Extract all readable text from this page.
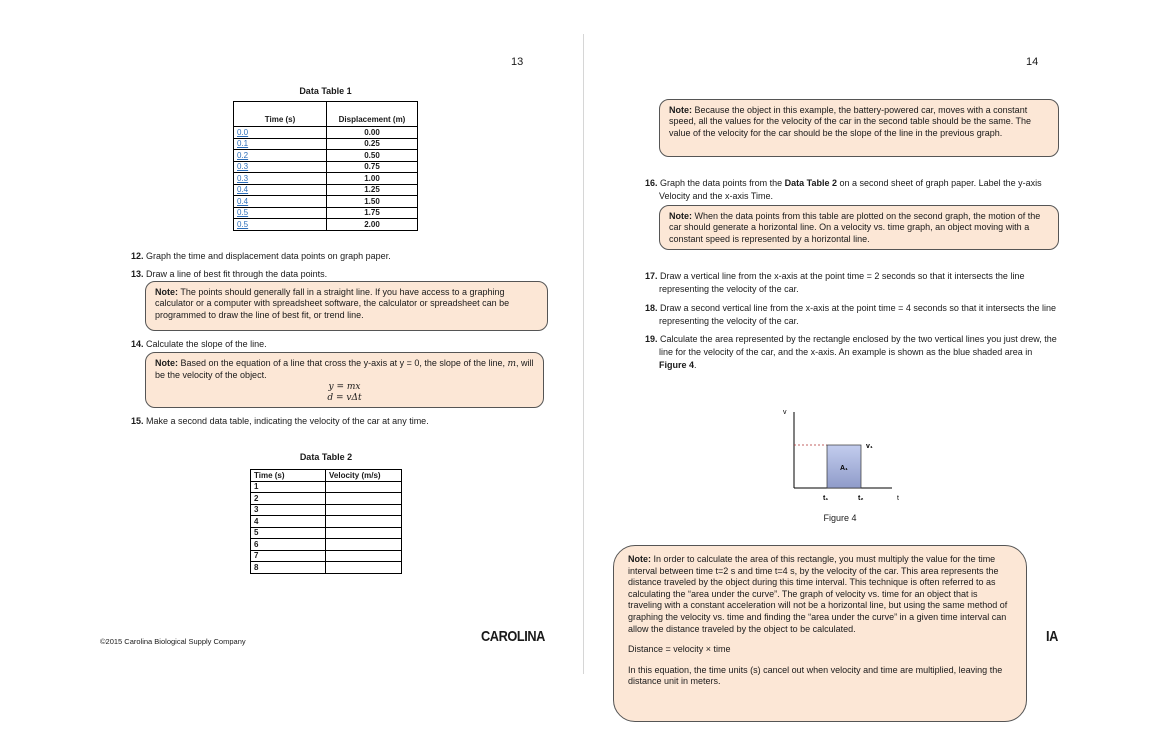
13
Data Table 1
Time (s)	Displacement (m)
0.0	0.00
0.1	0.25
0.2	0.50
0.3	0.75
0.3	1.00
0.4	1.25
0.4	1.50
0.5	1.75
0.5	2.00
12. Graph the time and displacement data points on graph paper.
13. Draw a line of best fit through the data points.
Note: The points should generally fall in a straight line. If you have access to a graphing calculator or a computer with spreadsheet software, the calculator or spreadsheet can be programmed to draw the line of best fit, or trend line.
14. Calculate the slope of the line.
Note: Based on the equation of a line that cross the y-axis at y = 0, the slope of the line, m, will be the velocity of the object.
y = mx
d = vΔt
15. Make a second data table, indicating the velocity of the car at any time.
Data Table 2
Time (s)	Velocity (m/s)
1	
2	
3	
4	
5	
6	
7	
8	
©2015 Carolina Biological Supply Company	CAROLINA
14
Note: Because the object in this example, the battery-powered car, moves with a constant speed, all the values for the velocity of the car in the second table should be the same. The value of the velocity for the car should be the slope of the line in the previous graph.
16. Graph the data points from the Data Table 2 on a second sheet of graph paper. Label the y-axis Velocity and the x-axis Time.
Note: When the data points from this table are plotted on the second graph, the motion of the car should generate a horizontal line. On a velocity vs. time graph, an object moving with a constant speed is represented by a horizontal line.
17. Draw a vertical line from the x-axis at the point time = 2 seconds so that it intersects the line representing the velocity of the car.
18. Draw a second vertical line from the x-axis at the point time = 4 seconds so that it intersects the line representing the velocity of the car.
19. Calculate the area represented by the rectangle enclosed by the two vertical lines you just drew, the line for the velocity of the car, and the x-axis. An example is shown as the blue shaded area in Figure 4.
v
t
v₁
A₁
t₁	t₂
Figure 4
Note: In order to calculate the area of this rectangle, you must multiply the value for the time interval between time t=2 s and time t=4 s, by the velocity of the car. This area represents the distance traveled by the object during this time interval. This technique is often referred to as calculating the “area under the curve”. The graph of velocity vs. time for an object that is traveling with a constant acceleration will not be a horizontal line, but using the same method of graphing the velocity vs. time and finding the “area under the curve” in a given time interval can allow the distance traveled by the object to be calculated.
Distance = velocity × time
In this equation, the time units (s) cancel out when velocity and time are multiplied, leaving the distance unit in meters.
IA
